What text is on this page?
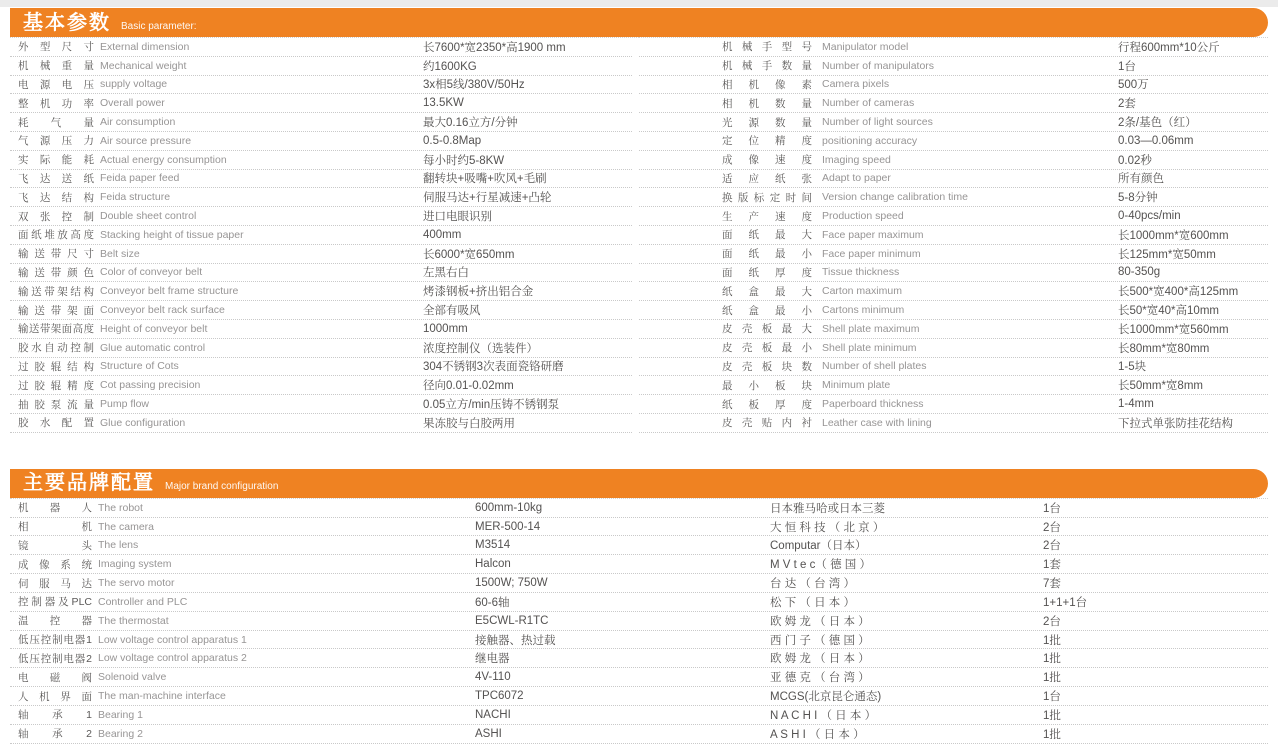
基本参数 Basic parameter:
外型尺寸 External dimension	长7600*宽2350*高1900 mm
机械重量 Mechanical weight	约1600KG
电源电压 supply voltage	3x相5线/380V/50Hz
整机功率 Overall power	13.5KW
耗气量 Air consumption	最大0.16立方/分钟
气源压力 Air source pressure	0.5-0.8Map
实际能耗 Actual energy consumption	每小时约5-8KW
飞达送纸 Feida paper feed	翻转块+吸嘴+吹风+毛刷
飞达结构 Feida structure	伺服马达+行星减速+凸轮
双张控制 Double sheet control	进口电眼识别
面纸堆放高度 Stacking height of tissue paper	400mm
输送带尺寸 Belt size	长6000*宽650mm
输送带颜色 Color of conveyor belt	左黑右白
输送带架结构 Conveyor belt frame structure	烤漆钢板+挤出铝合金
输送带架面 Conveyor belt rack surface	全部有吸风
输送带架面高度 Height of conveyor belt	1000mm
胶水自动控制 Glue automatic control	浓度控制仪（选装件）
过胶辊结构 Structure of Cots	304不锈钢3次表面瓷铬研磨
过胶辊精度 Cot passing precision	径向0.01-0.02mm
抽胶泵流量 Pump flow	0.05立方/min压铸不锈钢泵
胶水配置 Glue configuration	果冻胶与白胶两用
机械手型号 Manipulator model	行程600mm*10公斤
机械手数量 Number of manipulators	1台
相机像素 Camera pixels	500万
相机数量 Number of cameras	2套
光源数量 Number of light sources	2条/基色（红）
定位精度 positioning accuracy	0.03—0.06mm
成像速度 Imaging speed	0.02秒
适应纸张 Adapt to paper	所有颜色
换版标定时间 Version change calibration time	5-8分钟
生产速度 Production speed	0-40pcs/min
面纸最大 Face paper maximum	长1000mm*宽600mm
面纸最小 Face paper minimum	长125mm*宽50mm
面纸厚度 Tissue thickness	80-350g
纸盒最大 Carton maximum	长500*宽400*高125mm
纸盒最小 Cartons minimum	长50*宽40*高10mm
皮壳板最大 Shell plate maximum	长1000mm*宽560mm
皮壳板最小 Shell plate minimum	长80mm*宽80mm
皮壳板块数 Number of shell plates	1-5块
最小板块 Minimum plate	长50mm*宽8mm
纸板厚度 Paperboard thickness	1-4mm
皮壳贴内衬 Leather case with lining	下拉式单张防挂花结构
主要品牌配置 Major brand configuration
机器人 The robot	600mm-10kg	日本雅马哈或日本三菱	1台
相机 The camera	MER-500-14	大 恒 科 技 （ 北 京 ）	2台
镜头 The lens	M3514	Computar（日本）	2台
成像系统 Imaging system	Halcon	M V t e c（ 德 国 ）	1套
伺服马达 The servo motor	1500W; 750W	台 达 （ 台 湾 ）	7套
控制器及PLC Controller and PLC	60-6轴	松 下 （ 日 本 ）	1+1+1台
温控器 The thermostat	E5CWL-R1TC	欧 姆 龙 （ 日 本 ）	2台
低压控制电器1 Low voltage control apparatus 1	接触器、热过载	西 门 子 （ 德 国 ）	1批
低压控制电器2 Low voltage control apparatus 2	继电器	欧 姆 龙 （ 日 本 ）	1批
电磁阀 Solenoid valve	4V-110	亚 德 克 （ 台 湾 ）	1批
人机界面 The man-machine interface	TPC6072	MCGS(北京昆仑通态)	1台
轴承1 Bearing 1	NACHI	N A C H I （ 日 本 ）	1批
轴承2 Bearing 2	ASHI	A S H I （ 日 本 ）	1批
